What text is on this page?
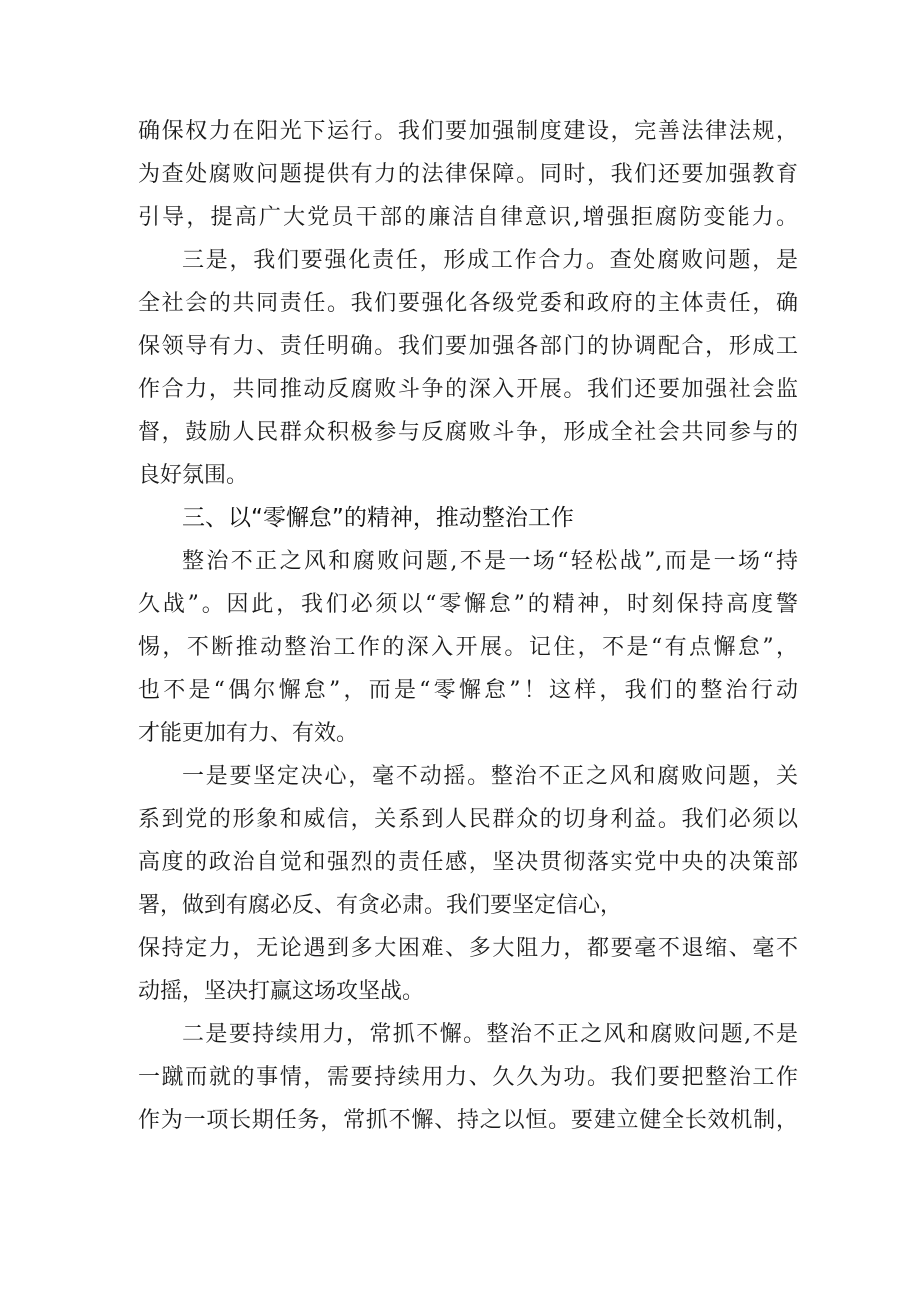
确保权力在阳光下运行。我们要加强制度建设，完善法律法规，
为查处腐败问题提供有力的法律保障。同时，我们还要加强教育
引导，提高广大党员干部的廉洁自律意识,增强拒腐防变能力。
三是，我们要强化责任，形成工作合力。查处腐败问题，是
全社会的共同责任。我们要强化各级党委和政府的主体责任，确
保领导有力、责任明确。我们要加强各部门的协调配合，形成工
作合力，共同推动反腐败斗争的深入开展。我们还要加强社会监
督，鼓励人民群众积极参与反腐败斗争，形成全社会共同参与的
良好氛围。
三、以“零懈怠”的精神，推动整治工作
整治不正之风和腐败问题,不是一场“轻松战”,而是一场“持
久战”。因此，我们必须以“零懈怠”的精神，时刻保持高度警
惕，不断推动整治工作的深入开展。记住，不是“有点懈怠”，
也不是“偶尔懈怠”，而是“零懈怠”！这样，我们的整治行动
才能更加有力、有效。
一是要坚定决心，毫不动摇。整治不正之风和腐败问题，关
系到党的形象和威信，关系到人民群众的切身利益。我们必须以
高度的政治自觉和强烈的责任感，坚决贯彻落实党中央的决策部
署，做到有腐必反、有贪必肃。我们要坚定信心，
保持定力，无论遇到多大困难、多大阻力，都要毫不退缩、毫不
动摇，坚决打赢这场攻坚战。
二是要持续用力，常抓不懈。整治不正之风和腐败问题,不是
一蹴而就的事情，需要持续用力、久久为功。我们要把整治工作
作为一项长期任务，常抓不懈、持之以恒。要建立健全长效机制，
